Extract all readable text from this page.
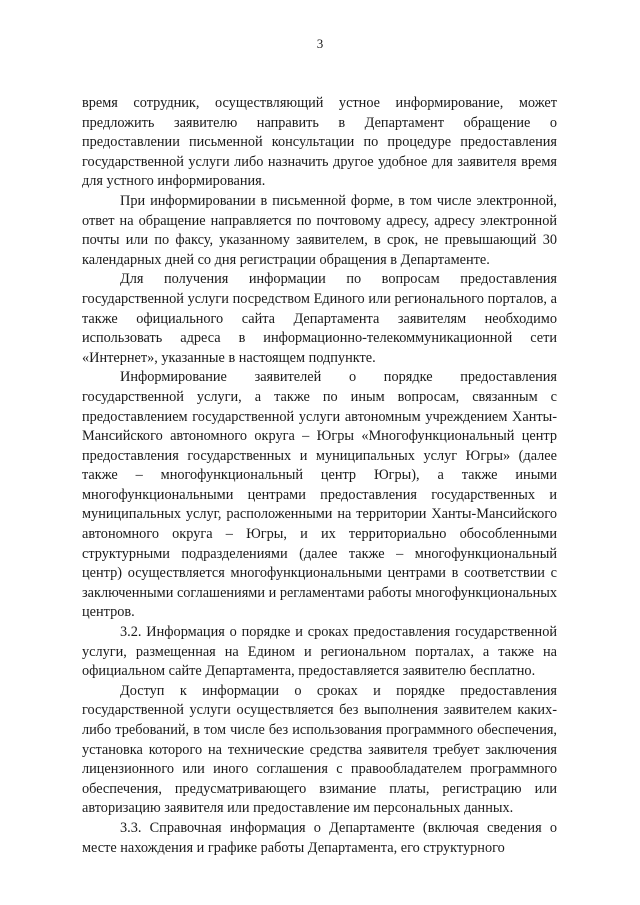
3

время сотрудник, осуществляющий устное информирование, может предложить заявителю направить в Департамент обращение о предоставлении письменной консультации по процедуре предоставления государственной услуги либо назначить другое удобное для заявителя время для устного информирования.

При информировании в письменной форме, в том числе электронной, ответ на обращение направляется по почтовому адресу, адресу электронной почты или по факсу, указанному заявителем, в срок, не превышающий 30 календарных дней со дня регистрации обращения в Департаменте.

Для получения информации по вопросам предоставления государственной услуги посредством Единого или регионального порталов, а также официального сайта Департамента заявителям необходимо использовать адреса в информационно-телекоммуникационной сети «Интернет», указанные в настоящем подпункте.

Информирование заявителей о порядке предоставления государственной услуги, а также по иным вопросам, связанным с предоставлением государственной услуги автономным учреждением Ханты-Мансийского автономного округа – Югры «Многофункциональный центр предоставления государственных и муниципальных услуг Югры» (далее также – многофункциональный центр Югры), а также иными многофункциональными центрами предоставления государственных и муниципальных услуг, расположенными на территории Ханты-Мансийского автономного округа – Югры, и их территориально обособленными структурными подразделениями (далее также – многофункциональный центр) осуществляется многофункциональными центрами в соответствии с заключенными соглашениями и регламентами работы многофункциональных центров.

3.2. Информация о порядке и сроках предоставления государственной услуги, размещенная на Едином и региональном порталах, а также на официальном сайте Департамента, предоставляется заявителю бесплатно.

Доступ к информации о сроках и порядке предоставления государственной услуги осуществляется без выполнения заявителем каких-либо требований, в том числе без использования программного обеспечения, установка которого на технические средства заявителя требует заключения лицензионного или иного соглашения с правообладателем программного обеспечения, предусматривающего взимание платы, регистрацию или авторизацию заявителя или предоставление им персональных данных.

3.3. Справочная информация о Департаменте (включая сведения о месте нахождения и графике работы Департамента, его структурного
